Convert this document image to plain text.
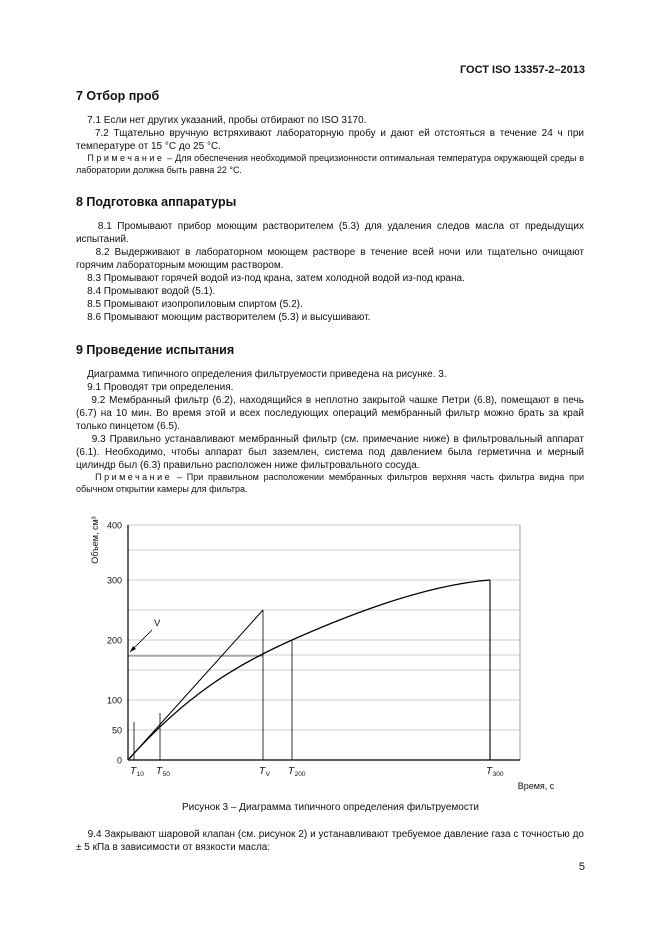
ГОСТ ISO 13357-2–2013
7 Отбор проб

7.1 Если нет других указаний, пробы отбирают по ISO 3170.

7.2 Тщательно вручную встряхивают лабораторную пробу и дают ей отстояться в течение 24 ч при температуре от 15 °С до 25 °С.

Примечание – Для обеспечения необходимой прецизионности оптимальная температура окружающей среды в лаборатории должна быть равна 22 °С.

8 Подготовка аппаратуры

8.1 Промывают прибор моющим растворителем (5.3) для удаления следов масла от предыдущих испытаний.

8.2 Выдерживают в лабораторном моющем растворе в течение всей ночи или тщательно очищают горячим лабораторным моющим раствором.

8.3 Промывают горячей водой из-под крана, затем холодной водой из-под крана.

8.4 Промывают водой (5.1).

8.5 Промывают изопропиловым спиртом (5.2).

8.6 Промывают моющим растворителем (5.3) и высушивают.

9 Проведение испытания

Диаграмма типичного определения фильтруемости приведена на рисунке. 3.

9.1 Проводят три определения.

9.2 Мембранный фильтр (6.2), находящийся в неплотно закрытой чашке Петри (6.8), помещают в печь (6.7) на 10 мин. Во время этой и всех последующих операций мембранный фильтр можно брать за край только пинцетом (6.5).

9.3 Правильно устанавливают мембранный фильтр (см. примечание ниже) в фильтровальный аппарат (6.1). Необходимо, чтобы аппарат был заземлен, система под давлением была герметична и мерный цилиндр был (6.3) правильно расположен ниже фильтровального сосуда.

Примечание – При правильном расположении мембранных фильтров верхняя часть фильтра видна при обычном открытии камеры для фильтра.

0
50
100
200
300
400
Объем, см³
Время, с
$T_{10}$ $T_{50}$	$T_V$ $T_{200}$	$T_{300}$
V
Рисунок 3 – Диаграмма типичного определения фильтруемости

9.4 Закрывают шаровой клапан (см. рисунок 2) и устанавливают требуемое давление газа с точностью до ± 5 кПа в зависимости от вязкости масла:

5
